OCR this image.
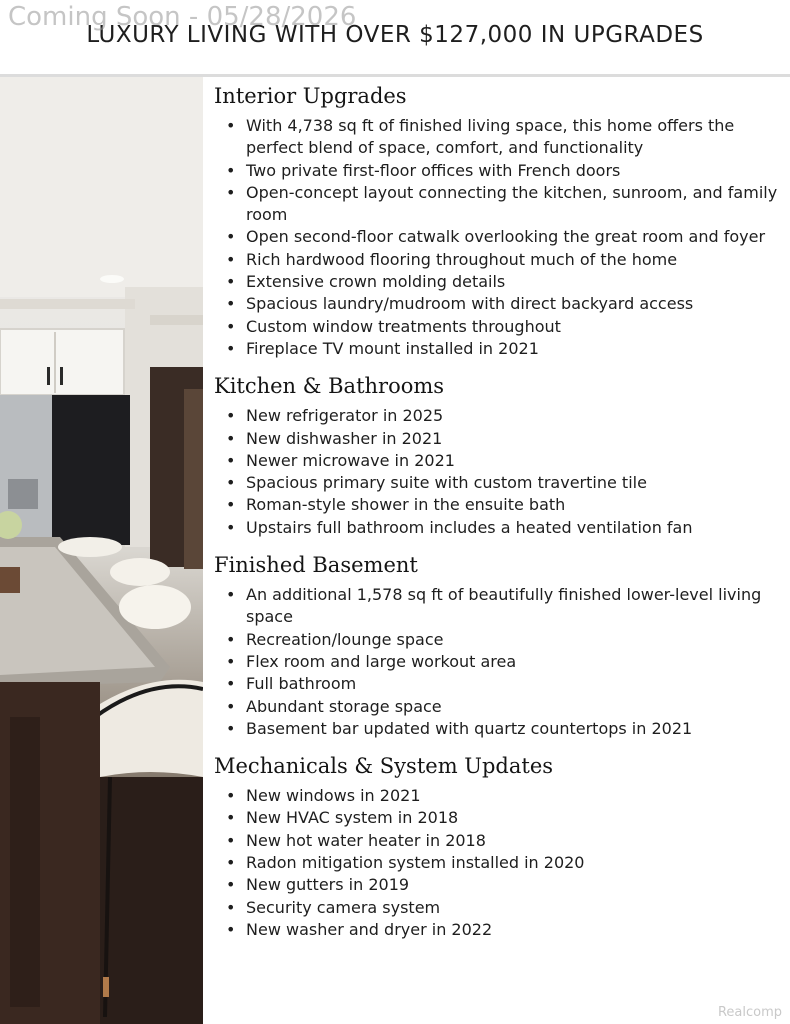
LUXURY LIVING WITH OVER $127,000 IN UPGRADES
Coming Soon - 05/28/2026
Interior Upgrades
• With 4,738 sq ft of finished living space, this home offers the perfect blend of space, comfort, and functionality
• Two private first-floor offices with French doors
• Open-concept layout connecting the kitchen, sunroom, and family room
• Open second-floor catwalk overlooking the great room and foyer
• Rich hardwood flooring throughout much of the home
• Extensive crown molding details
• Spacious laundry/mudroom with direct backyard access
• Custom window treatments throughout
• Fireplace TV mount installed in 2021
Kitchen & Bathrooms
• New refrigerator in 2025
• New dishwasher in 2021
• Newer microwave in 2021
• Spacious primary suite with custom travertine tile
• Roman-style shower in the ensuite bath
• Upstairs full bathroom includes a heated ventilation fan
Finished Basement
• An additional 1,578 sq ft of beautifully finished lower-level living space
• Recreation/lounge space
• Flex room and large workout area
• Full bathroom
• Abundant storage space
• Basement bar updated with quartz countertops in 2021
Mechanicals & System Updates
• New windows in 2021
• New HVAC system in 2018
• New hot water heater in 2018
• Radon mitigation system installed in 2020
• New gutters in 2019
• Security camera system
• New washer and dryer in 2022
Realcomp
